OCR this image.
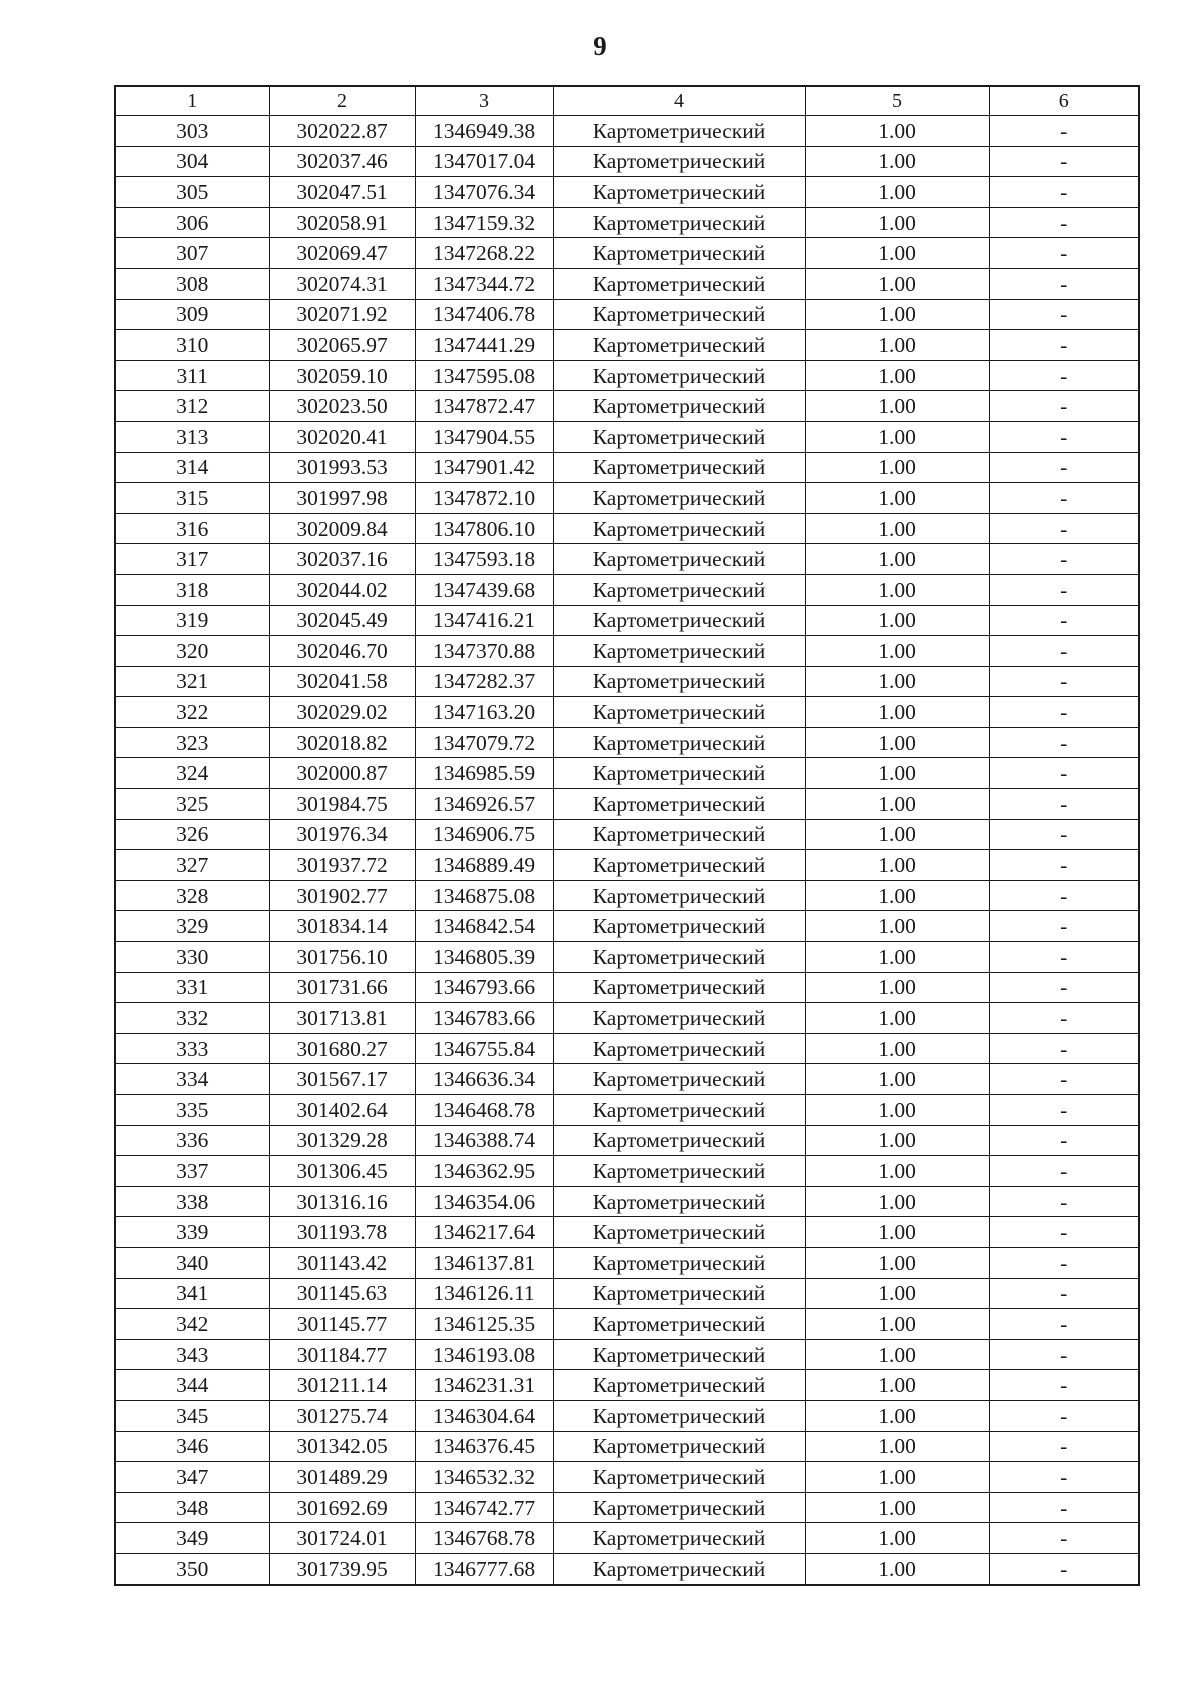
9
1	2	3	4	5	6
303	302022.87	1346949.38	Картометрический	1.00	-
304	302037.46	1347017.04	Картометрический	1.00	-
305	302047.51	1347076.34	Картометрический	1.00	-
306	302058.91	1347159.32	Картометрический	1.00	-
307	302069.47	1347268.22	Картометрический	1.00	-
308	302074.31	1347344.72	Картометрический	1.00	-
309	302071.92	1347406.78	Картометрический	1.00	-
310	302065.97	1347441.29	Картометрический	1.00	-
311	302059.10	1347595.08	Картометрический	1.00	-
312	302023.50	1347872.47	Картометрический	1.00	-
313	302020.41	1347904.55	Картометрический	1.00	-
314	301993.53	1347901.42	Картометрический	1.00	-
315	301997.98	1347872.10	Картометрический	1.00	-
316	302009.84	1347806.10	Картометрический	1.00	-
317	302037.16	1347593.18	Картометрический	1.00	-
318	302044.02	1347439.68	Картометрический	1.00	-
319	302045.49	1347416.21	Картометрический	1.00	-
320	302046.70	1347370.88	Картометрический	1.00	-
321	302041.58	1347282.37	Картометрический	1.00	-
322	302029.02	1347163.20	Картометрический	1.00	-
323	302018.82	1347079.72	Картометрический	1.00	-
324	302000.87	1346985.59	Картометрический	1.00	-
325	301984.75	1346926.57	Картометрический	1.00	-
326	301976.34	1346906.75	Картометрический	1.00	-
327	301937.72	1346889.49	Картометрический	1.00	-
328	301902.77	1346875.08	Картометрический	1.00	-
329	301834.14	1346842.54	Картометрический	1.00	-
330	301756.10	1346805.39	Картометрический	1.00	-
331	301731.66	1346793.66	Картометрический	1.00	-
332	301713.81	1346783.66	Картометрический	1.00	-
333	301680.27	1346755.84	Картометрический	1.00	-
334	301567.17	1346636.34	Картометрический	1.00	-
335	301402.64	1346468.78	Картометрический	1.00	-
336	301329.28	1346388.74	Картометрический	1.00	-
337	301306.45	1346362.95	Картометрический	1.00	-
338	301316.16	1346354.06	Картометрический	1.00	-
339	301193.78	1346217.64	Картометрический	1.00	-
340	301143.42	1346137.81	Картометрический	1.00	-
341	301145.63	1346126.11	Картометрический	1.00	-
342	301145.77	1346125.35	Картометрический	1.00	-
343	301184.77	1346193.08	Картометрический	1.00	-
344	301211.14	1346231.31	Картометрический	1.00	-
345	301275.74	1346304.64	Картометрический	1.00	-
346	301342.05	1346376.45	Картометрический	1.00	-
347	301489.29	1346532.32	Картометрический	1.00	-
348	301692.69	1346742.77	Картометрический	1.00	-
349	301724.01	1346768.78	Картометрический	1.00	-
350	301739.95	1346777.68	Картометрический	1.00	-
